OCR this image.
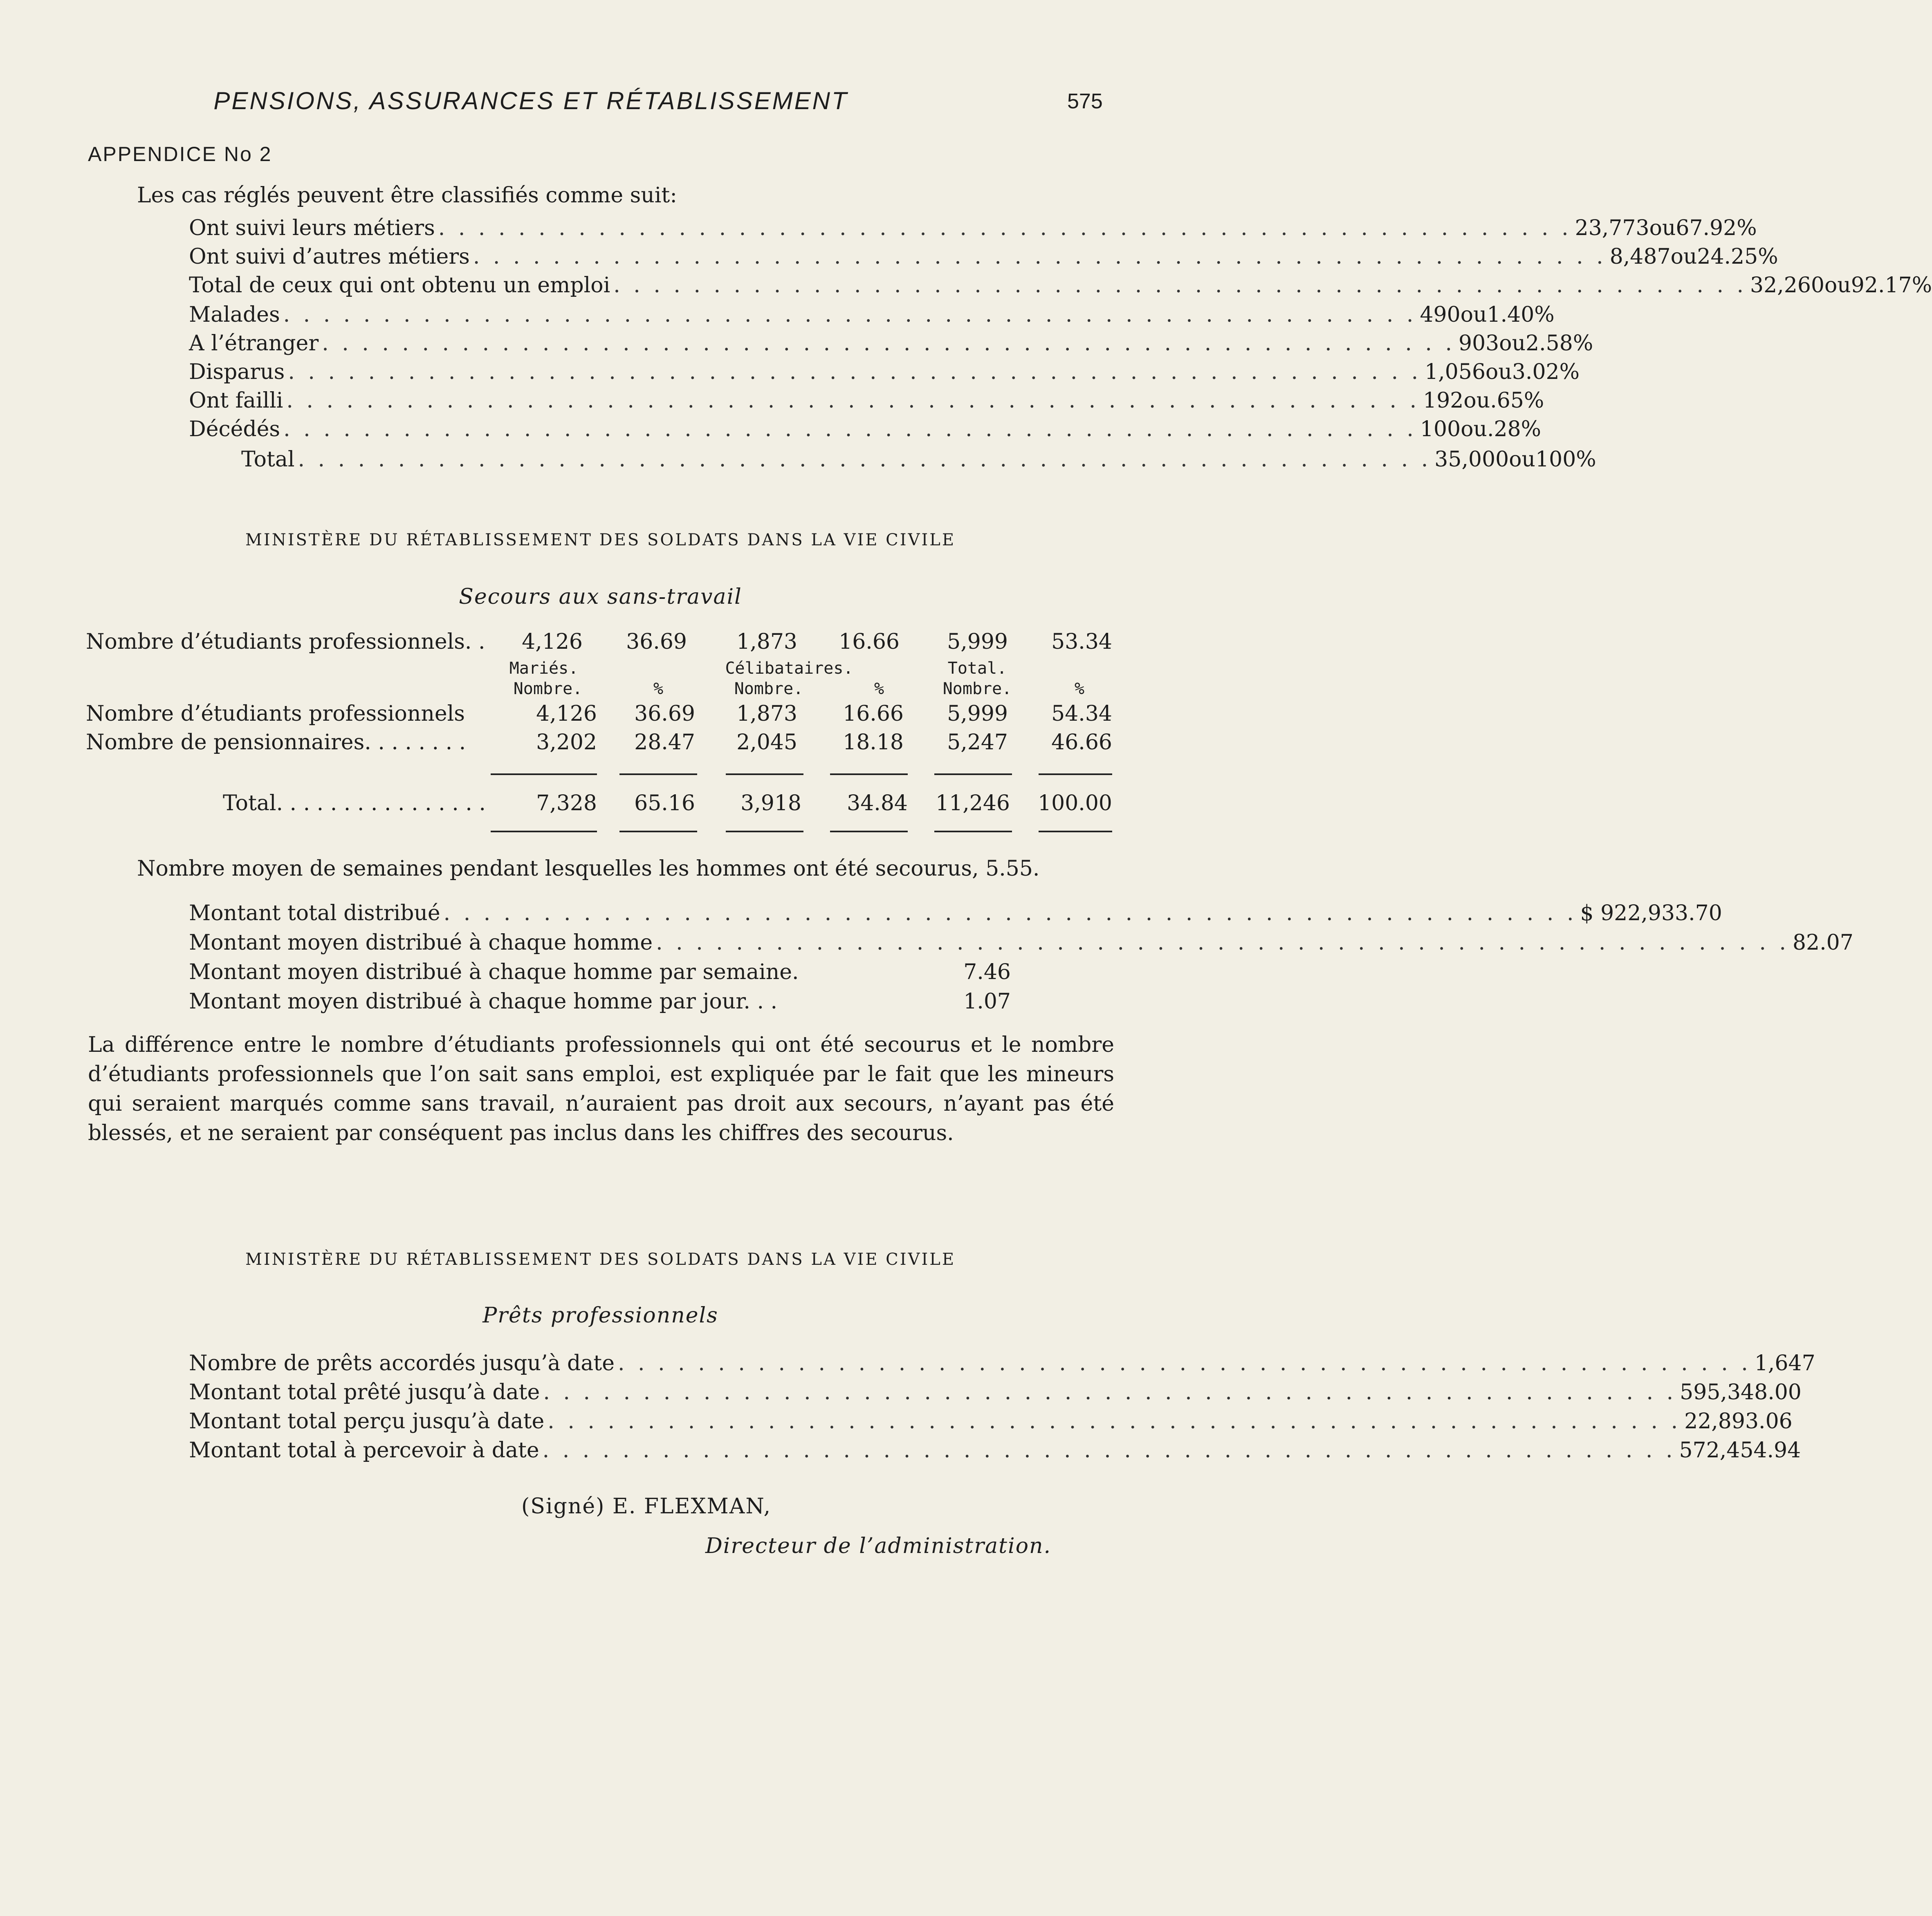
PENSIONS, ASSURANCES ET RÉTABLISSEMENT	575
APPENDICE No 2
Les cas réglés peuvent être classifiés comme suit:
Ont suivi leurs métiers . . . . . . . . . . . . . . . . . . . . . . . . . . . . . . . . . . . . . . . . . . . . . . . . . . . . . . . . . 23,773 ou 67.92%
Ont suivi d’autres métiers . . . . . . . . . . . . . . . . . . . . . . . . . . . . . . . . . . . . . . . . . . . . . . . . . . . . . . . . . 8,487 ou 24.25%
Total de ceux qui ont obtenu un emploi . . . . . . . . . . . . . . . . . . . . . . . . . . . . . . . . . . . . . . . . . . . . . . . . . . . . . . . . . 32,260 ou 92.17%
Malades . . . . . . . . . . . . . . . . . . . . . . . . . . . . . . . . . . . . . . . . . . . . . . . . . . . . . . . . . 490 ou 1.40%
A l’étranger . . . . . . . . . . . . . . . . . . . . . . . . . . . . . . . . . . . . . . . . . . . . . . . . . . . . . . . . . 903 ou 2.58%
Disparus . . . . . . . . . . . . . . . . . . . . . . . . . . . . . . . . . . . . . . . . . . . . . . . . . . . . . . . . . 1,056 ou 3.02%
Ont failli . . . . . . . . . . . . . . . . . . . . . . . . . . . . . . . . . . . . . . . . . . . . . . . . . . . . . . . . . 192 ou .65%
Décédés . . . . . . . . . . . . . . . . . . . . . . . . . . . . . . . . . . . . . . . . . . . . . . . . . . . . . . . . . 100 ou .28%
Total . . . . . . . . . . . . . . . . . . . . . . . . . . . . . . . . . . . . . . . . . . . . . . . . . . . . . . . . . 35,000 ou 100%
MINISTÈRE DU RÉTABLISSEMENT DES SOLDATS DANS LA VIE CIVILE
Secours aux sans-travail
Nombre d’étudiants professionnels. .	4,126	36.69	1,873	16.66	5,999	53.34
Mariés.	Célibataires.	Total.
Nombre.	%	Nombre.	%	Nombre.	%
Nombre d’étudiants professionnels	4,126	36.69	1,873	16.66	5,999	54.34
Nombre de pensionnaires. . . . . . . .	3,202	28.47	2,045	18.18	5,247	46.66
Total. . . . . . . . . . . . . . . .	7,328	65.16	3,918	34.84	11,246	100.00
Nombre moyen de semaines pendant lesquelles les hommes ont été secourus, 5.55.
Montant total distribué . . . . . . . . . . . . . . . . . . . . . . . . . . . . . . . . . . . . . . . . . . . . . . . . . . . . . . . . . $ 922,933.70
Montant moyen distribué à chaque homme . . . . . . . . . . . . . . . . . . . . . . . . . . . . . . . . . . . . . . . . . . . . . . . . . . . . . . . . . 82.07
Montant moyen distribué à chaque homme par semaine.	7.46
Montant moyen distribué à chaque homme par jour. . .	1.07
La différence entre le nombre d’étudiants professionnels qui ont été secourus et le nombre d’étudiants professionnels que l’on sait sans emploi, est expliquée par le fait que les mineurs qui seraient marqués comme sans travail, n’auraient pas droit aux secours, n’ayant pas été blessés, et ne seraient par conséquent pas inclus dans les chiffres des secourus.
MINISTÈRE DU RÉTABLISSEMENT DES SOLDATS DANS LA VIE CIVILE
Prêts professionnels
Nombre de prêts accordés jusqu’à date . . . . . . . . . . . . . . . . . . . . . . . . . . . . . . . . . . . . . . . . . . . . . . . . . . . . . . . . . 1,647
Montant total prêté jusqu’à date . . . . . . . . . . . . . . . . . . . . . . . . . . . . . . . . . . . . . . . . . . . . . . . . . . . . . . . . . 595,348.00
Montant total perçu jusqu’à date . . . . . . . . . . . . . . . . . . . . . . . . . . . . . . . . . . . . . . . . . . . . . . . . . . . . . . . . . 22,893.06
Montant total à percevoir à date . . . . . . . . . . . . . . . . . . . . . . . . . . . . . . . . . . . . . . . . . . . . . . . . . . . . . . . . . 572,454.94
(Signé) E. FLEXMAN,
Directeur de l’administration.
